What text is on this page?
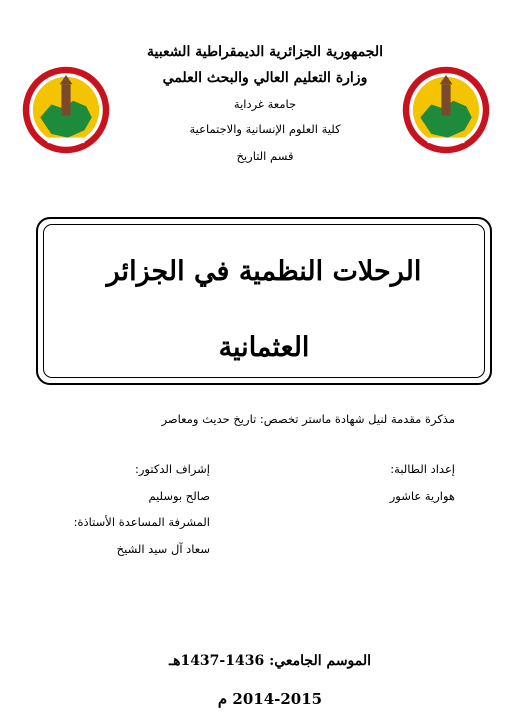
الجمهورية الجزائرية الديمقراطية الشعبية
وزارة التعليم العالي والبحث العلمي
جامعة غرداية
كلية العلوم الإنسانية والاجتماعية
قسم التاريخ
الرحلات النظمية في الجزائر
العثمانية
مذكرة مقدمة لنيل شهادة ماستر تخصص: تاريخ حديث ومعاصر
إعداد الطالبة:
هوارية عاشور
إشراف الدكتور:
صالح بوسليم
المشرفة المساعدة الأستاذة:
سعاد آل سيد الشيخ
الموسم الجامعي: 1436-1437هـ
2014-2015 م
